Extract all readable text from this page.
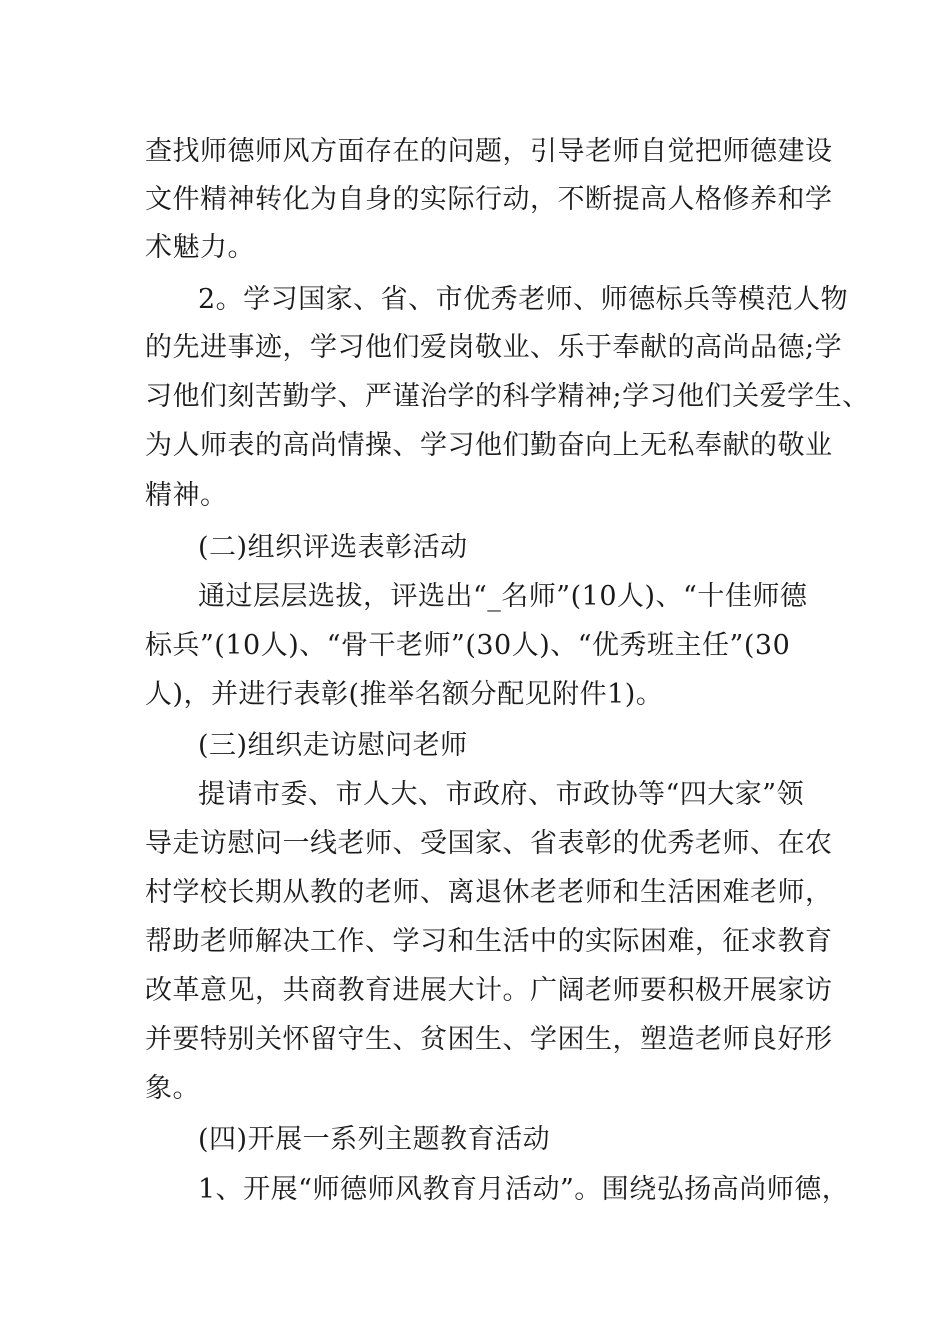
查找师德师风方面存在的问题，引导老师自觉把师德建设
文件精神转化为自身的实际行动，不断提高人格修养和学
术魅力。
2。学习国家、省、市优秀老师、师德标兵等模范人物
的先进事迹，学习他们爱岗敬业、乐于奉献的高尚品德;学
习他们刻苦勤学、严谨治学的科学精神;学习他们关爱学生、
为人师表的高尚情操、学习他们勤奋向上无私奉献的敬业
精神。
(二)组织评选表彰活动
通过层层选拔，评选出“_名师”(10人)、“十佳师德
标兵”(10人)、“骨干老师”(30人)、“优秀班主任”(30
人)，并进行表彰(推举名额分配见附件1)。
(三)组织走访慰问老师
提请市委、市人大、市政府、市政协等“四大家”领
导走访慰问一线老师、受国家、省表彰的优秀老师、在农
村学校长期从教的老师、离退休老老师和生活困难老师，
帮助老师解决工作、学习和生活中的实际困难，征求教育
改革意见，共商教育进展大计。广阔老师要积极开展家访
并要特别关怀留守生、贫困生、学困生，塑造老师良好形
象。
(四)开展一系列主题教育活动
1、开展“师德师风教育月活动”。围绕弘扬高尚师德，
